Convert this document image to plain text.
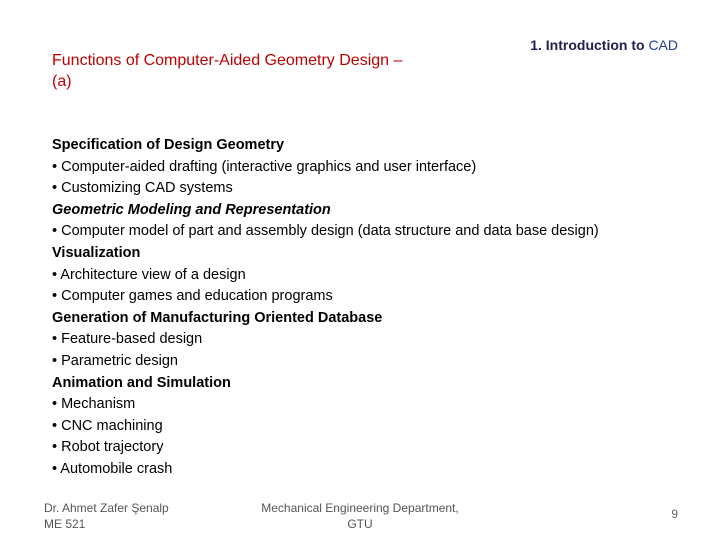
Functions of Computer-Aided Geometry Design – (a)
1. Introduction to CAD
Specification of Design Geometry
• Computer-aided drafting (interactive graphics and user interface)
• Customizing CAD systems
Geometric Modeling and Representation
• Computer model of part and assembly design (data structure and data base design)
Visualization
• Architecture view of a design
• Computer games and education programs
Generation of Manufacturing Oriented Database
• Feature-based design
• Parametric design
Animation and Simulation
• Mechanism
• CNC machining
• Robot trajectory
• Automobile crash
Dr. Ahmet Zafer Şenalp
ME 521
Mechanical Engineering Department,
GTU
9
